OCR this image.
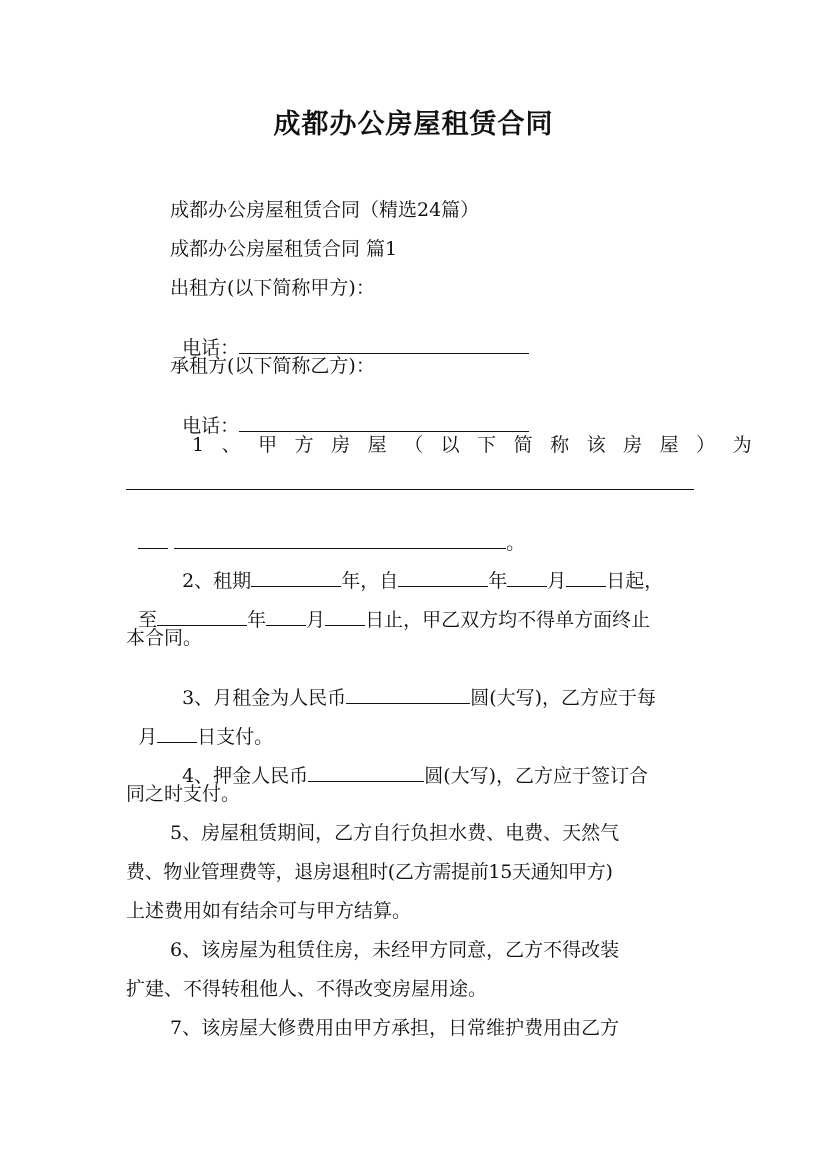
成都办公房屋租赁合同
成都办公房屋租赁合同（精选24篇）
成都办公房屋租赁合同 篇1
出租方(以下简称甲方)：

电话：

承租方(以下简称乙方)：

电话：

1、甲方房屋（以下简称该房屋）为

。

2、租期	年，自	年 月 日起，

至	年 月 日止，甲乙双方均不得单方面终止

本合同。

3、月租金为人民币	圆(大写)，乙方应于每

月 日支付。

4、押金人民币	圆(大写)，乙方应于签订合

同之时支付。
5、房屋租赁期间，乙方自行负担水费、电费、天然气
费、物业管理费等，退房退租时(乙方需提前15天通知甲方)
上述费用如有结余可与甲方结算。
6、该房屋为租赁住房，未经甲方同意，乙方不得改装
扩建、不得转租他人、不得改变房屋用途。
7、该房屋大修费用由甲方承担，日常维护费用由乙方
